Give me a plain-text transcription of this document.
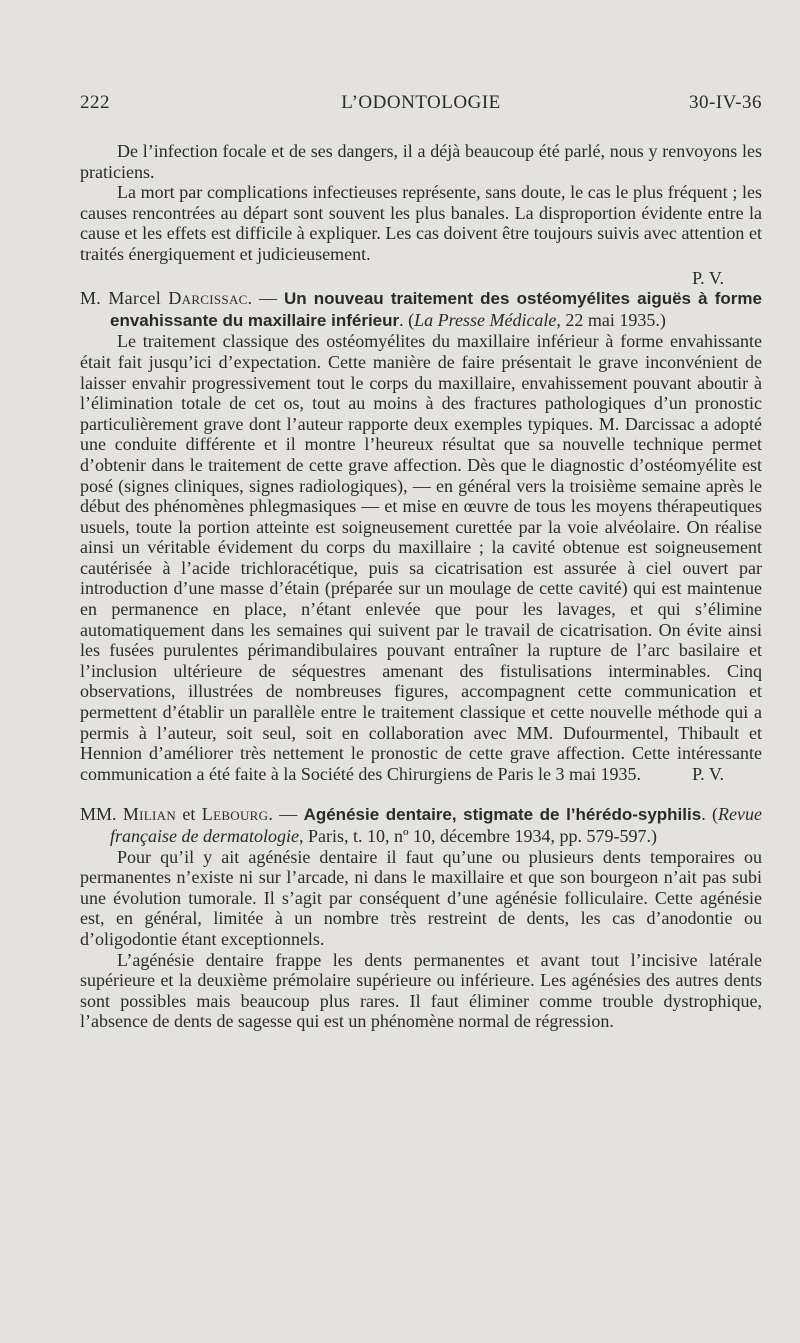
222	L’ODONTOLOGIE	30-IV-36

De l’infection focale et de ses dangers, il a déjà beaucoup été parlé, nous y renvoyons les praticiens.

La mort par complications infectieuses représente, sans doute, le cas le plus fréquent ; les causes rencontrées au départ sont souvent les plus banales. La disproportion évidente entre la cause et les effets est difficile à expliquer. Les cas doivent être toujours suivis avec attention et traités énergiquement et judicieusement.

P. V.

M. Marcel Darcissac. — Un nouveau traitement des ostéomyélites aiguës à forme envahissante du maxillaire inférieur. (La Presse Médicale, 22 mai 1935.)

Le traitement classique des ostéomyélites du maxillaire inférieur à forme envahissante était fait jusqu’ici d’expectation. Cette manière de faire présentait le grave inconvénient de laisser envahir progressivement tout le corps du maxillaire, envahissement pouvant aboutir à l’élimination totale de cet os, tout au moins à des fractures pathologiques d’un pronostic particulièrement grave dont l’auteur rapporte deux exemples typiques. M. Darcissac a adopté une conduite différente et il montre l’heureux résultat que sa nouvelle technique permet d’obtenir dans le traitement de cette grave affection. Dès que le diagnostic d’ostéomyélite est posé (signes cliniques, signes radiologiques), — en général vers la troisième semaine après le début des phénomènes phlegmasiques — et mise en œuvre de tous les moyens thérapeutiques usuels, toute la portion atteinte est soigneusement curettée par la voie alvéolaire. On réalise ainsi un véritable évidement du corps du maxillaire ; la cavité obtenue est soigneusement cautérisée à l’acide trichloracétique, puis sa cicatrisation est assurée à ciel ouvert par introduction d’une masse d’étain (préparée sur un moulage de cette cavité) qui est maintenue en permanence en place, n’étant enlevée que pour les lavages, et qui s’élimine automatiquement dans les semaines qui suivent par le travail de cicatrisation. On évite ainsi les fusées purulentes périmandibulaires pouvant entraîner la rupture de l’arc basilaire et l’inclusion ultérieure de séquestres amenant des fistulisations interminables. Cinq observations, illustrées de nombreuses figures, accompagnent cette communication et permettent d’établir un parallèle entre le traitement classique et cette nouvelle méthode qui a permis à l’auteur, soit seul, soit en collaboration avec MM. Dufourmentel, Thibault et Hennion d’améliorer très nettement le pronostic de cette grave affection. Cette intéressante communication a été faite à la Société des Chirurgiens de Paris le 3 mai 1935.	P. V.

MM. Milian et Lebourg. — Agénésie dentaire, stigmate de l’hérédo-syphilis. (Revue française de dermatologie, Paris, t. 10, nº 10, décembre 1934, pp. 579-597.)

Pour qu’il y ait agénésie dentaire il faut qu’une ou plusieurs dents temporaires ou permanentes n’existe ni sur l’arcade, ni dans le maxillaire et que son bourgeon n’ait pas subi une évolution tumorale. Il s’agit par conséquent d’une agénésie folliculaire. Cette agénésie est, en général, limitée à un nombre très restreint de dents, les cas d’anodontie ou d’oligodontie étant exceptionnels.

L’agénésie dentaire frappe les dents permanentes et avant tout l’incisive latérale supérieure et la deuxième prémolaire supérieure ou inférieure. Les agénésies des autres dents sont possibles mais beaucoup plus rares. Il faut éliminer comme trouble dystrophique, l’absence de dents de sagesse qui est un phénomène normal de régression.
